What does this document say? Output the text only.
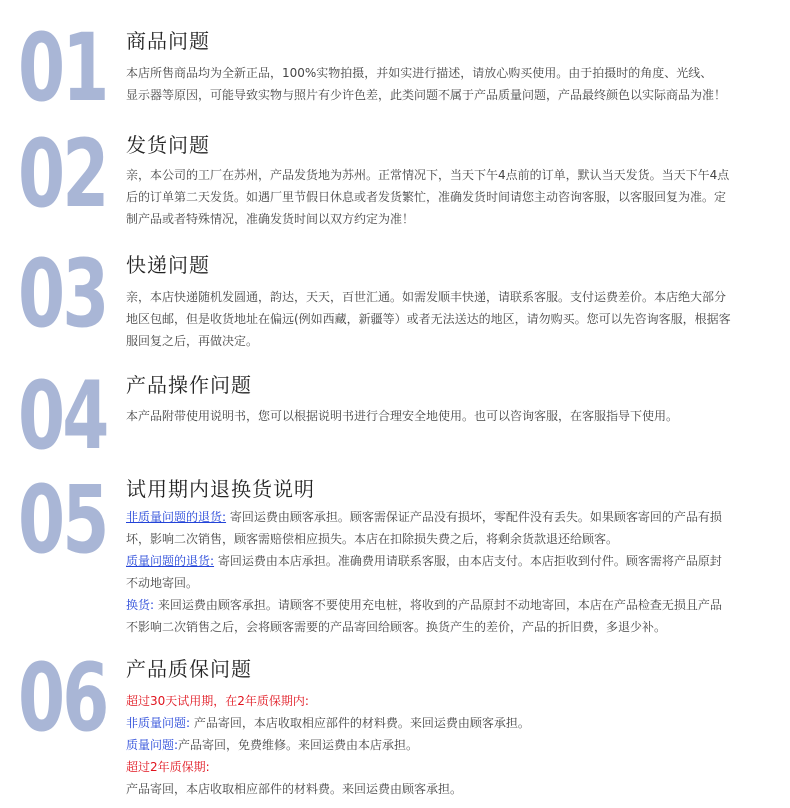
01 商品问题

本店所售商品均为全新正品，100%实物拍摄，并如实进行描述，请放心购买使用。由于拍摄时的角度、光线、

显示器等原因，可能导致实物与照片有少许色差，此类问题不属于产品质量问题，产品最终颜色以实际商品为准！

02 发货问题

亲，本公司的工厂在苏州，产品发货地为苏州。正常情况下，当天下午4点前的订单，默认当天发货。当天下午4点

后的订单第二天发货。如遇厂里节假日休息或者发货繁忙，准确发货时间请您主动咨询客服，以客服回复为准。定

制产品或者特殊情况，准确发货时间以双方约定为准！

03 快递问题

亲，本店快递随机发圆通，韵达，天天，百世汇通。如需发顺丰快递，请联系客服。支付运费差价。本店绝大部分

地区包邮，但是收货地址在偏远(例如西藏，新疆等）或者无法送达的地区，请勿购买。您可以先咨询客服，根据客

服回复之后，再做决定。

04 产品操作问题

本产品附带使用说明书，您可以根据说明书进行合理安全地使用。也可以咨询客服，在客服指导下使用。

05 试用期内退换货说明

非质量问题的退货: 寄回运费由顾客承担。顾客需保证产品没有损坏，零配件没有丢失。如果顾客寄回的产品有损

坏，影响二次销售，顾客需赔偿相应损失。本店在扣除损失费之后，将剩余货款退还给顾客。

质量问题的退货: 寄回运费由本店承担。准确费用请联系客服，由本店支付。本店拒收到付件。顾客需将产品原封

不动地寄回。

换货: 来回运费由顾客承担。请顾客不要使用充电桩，将收到的产品原封不动地寄回，本店在产品检查无损且产品

不影响二次销售之后，会将顾客需要的产品寄回给顾客。换货产生的差价，产品的折旧费，多退少补。

06 产品质保问题

超过30天试用期，在2年质保期内:

非质量问题: 产品寄回，本店收取相应部件的材料费。来回运费由顾客承担。

质量问题:产品寄回，免费维修。来回运费由本店承担。

超过2年质保期:

产品寄回，本店收取相应部件的材料费。来回运费由顾客承担。
